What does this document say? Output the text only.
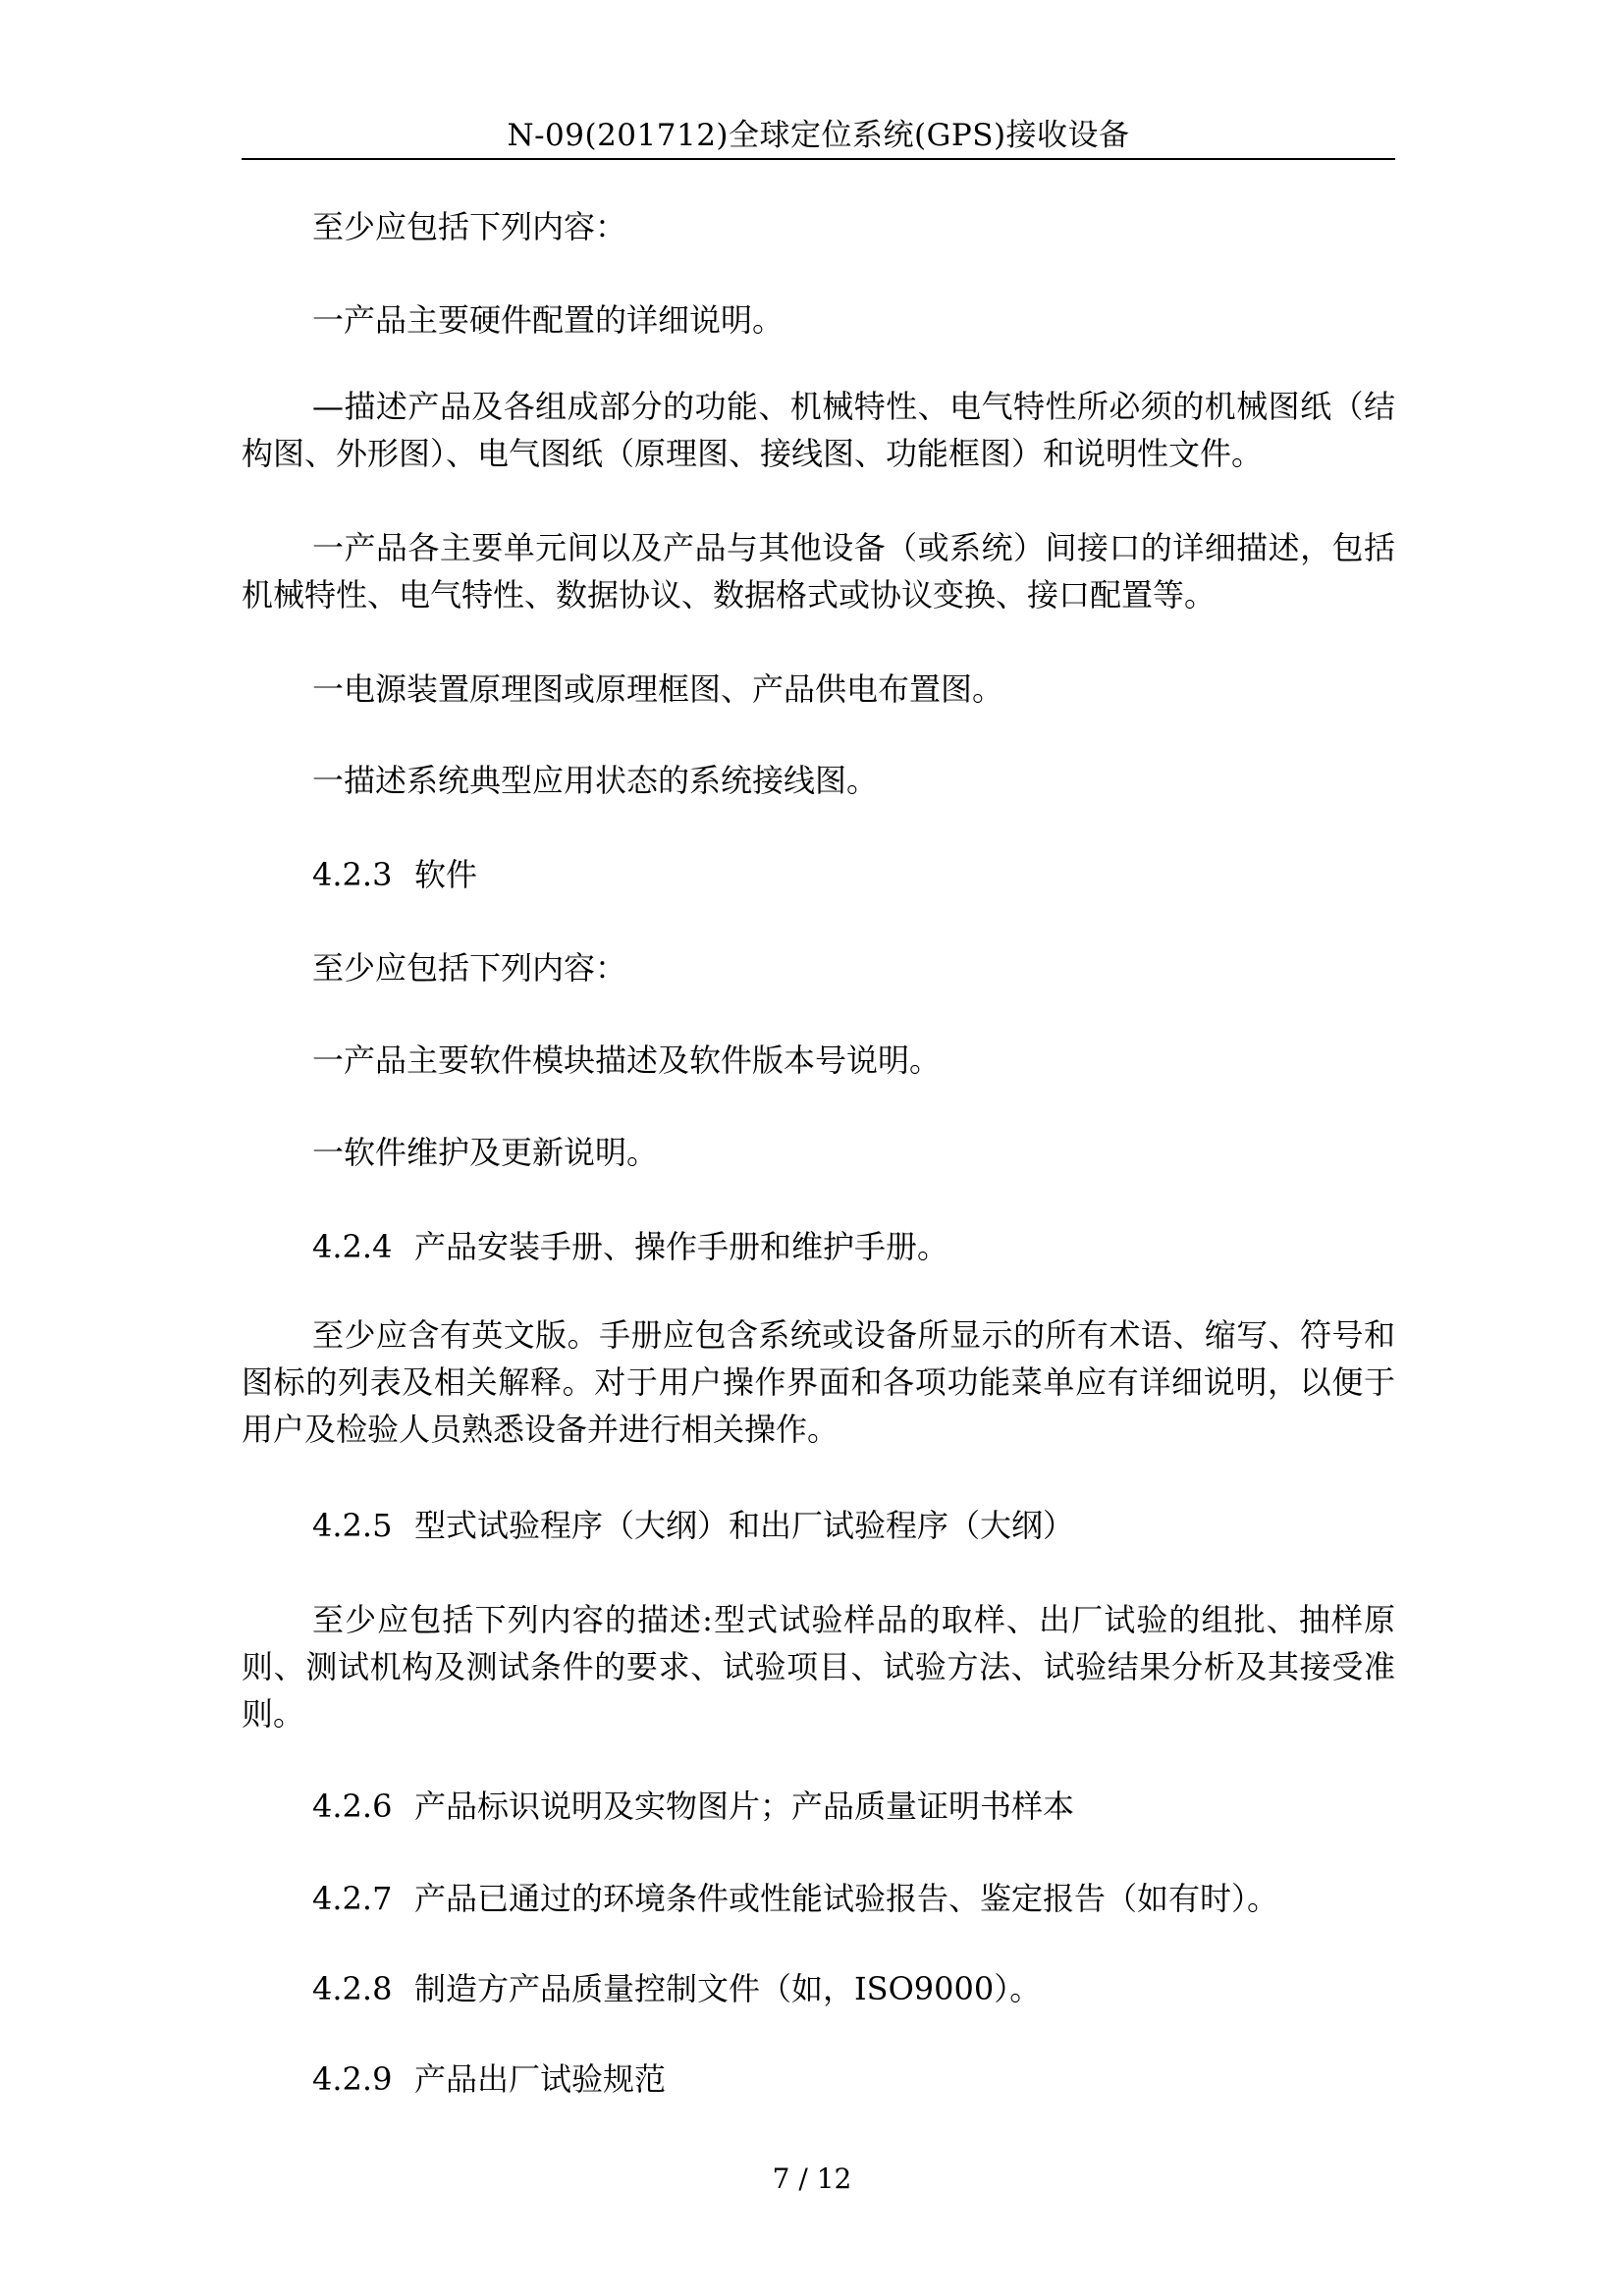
N-09(201712)全球定位系统(GPS)接收设备

至少应包括下列内容：

一产品主要硬件配置的详细说明。

—描述产品及各组成部分的功能、机械特性、电气特性所必须的机械图纸（结构图、外形图）、电气图纸（原理图、接线图、功能框图）和说明性文件。

一产品各主要单元间以及产品与其他设备（或系统）间接口的详细描述，包括机械特性、电气特性、数据协议、数据格式或协议变换、接口配置等。

一电源装置原理图或原理框图、产品供电布置图。

一描述系统典型应用状态的系统接线图。

4.2.3 软件

至少应包括下列内容：

一产品主要软件模块描述及软件版本号说明。

一软件维护及更新说明。

4.2.4 产品安装手册、操作手册和维护手册。

至少应含有英文版。手册应包含系统或设备所显示的所有术语、缩写、符号和图标的列表及相关解释。对于用户操作界面和各项功能菜单应有详细说明，以便于用户及检验人员熟悉设备并进行相关操作。

4.2.5 型式试验程序（大纲）和出厂试验程序（大纲）

至少应包括下列内容的描述:型式试验样品的取样、出厂试验的组批、抽样原则、测试机构及测试条件的要求、试验项目、试验方法、试验结果分析及其接受准则。

4.2.6 产品标识说明及实物图片；产品质量证明书样本

4.2.7 产品已通过的环境条件或性能试验报告、鉴定报告（如有时）。

4.2.8 制造方产品质量控制文件（如，ISO9000）。

4.2.9 产品出厂试验规范

7 / 12
